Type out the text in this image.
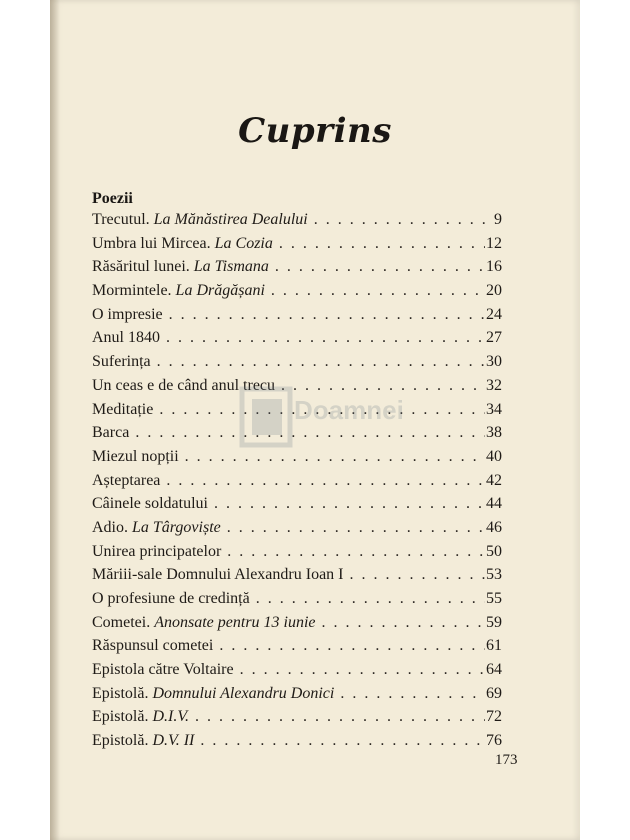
Cuprins
Poezii
Trecutul. La Mănăstirea Dealului . . .	9
Umbra lui Mircea. La Cozia . . .	12
Răsăritul lunei. La Tismana . . .	16
Mormintele. La Drăgășani . . .	20
O impresie . . .	24
Anul 1840 . . .	27
Suferința . . .	30
Un ceas e de când anul trecu . . .	32
Meditație . . .	34
Barca . . .	38
Miezul nopții . . .	40
Așteptarea . . .	42
Câinele soldatului . . .	44
Adio. La Târgoviște . . .	46
Unirea principatelor . . .	50
Măriii-sale Domnului Alexandru Ioan I . . .	53
O profesiune de credință . . .	55
Cometei. Anonsate pentru 13 iunie . . .	59
Răspunsul cometei . . .	61
Epistola către Voltaire . . .	64
Epistolă. Domnului Alexandru Donici . . .	69
Epistolă. D.I.V. . . .	72
Epistolă. D.V. II . . .	76
173
Doamnei
